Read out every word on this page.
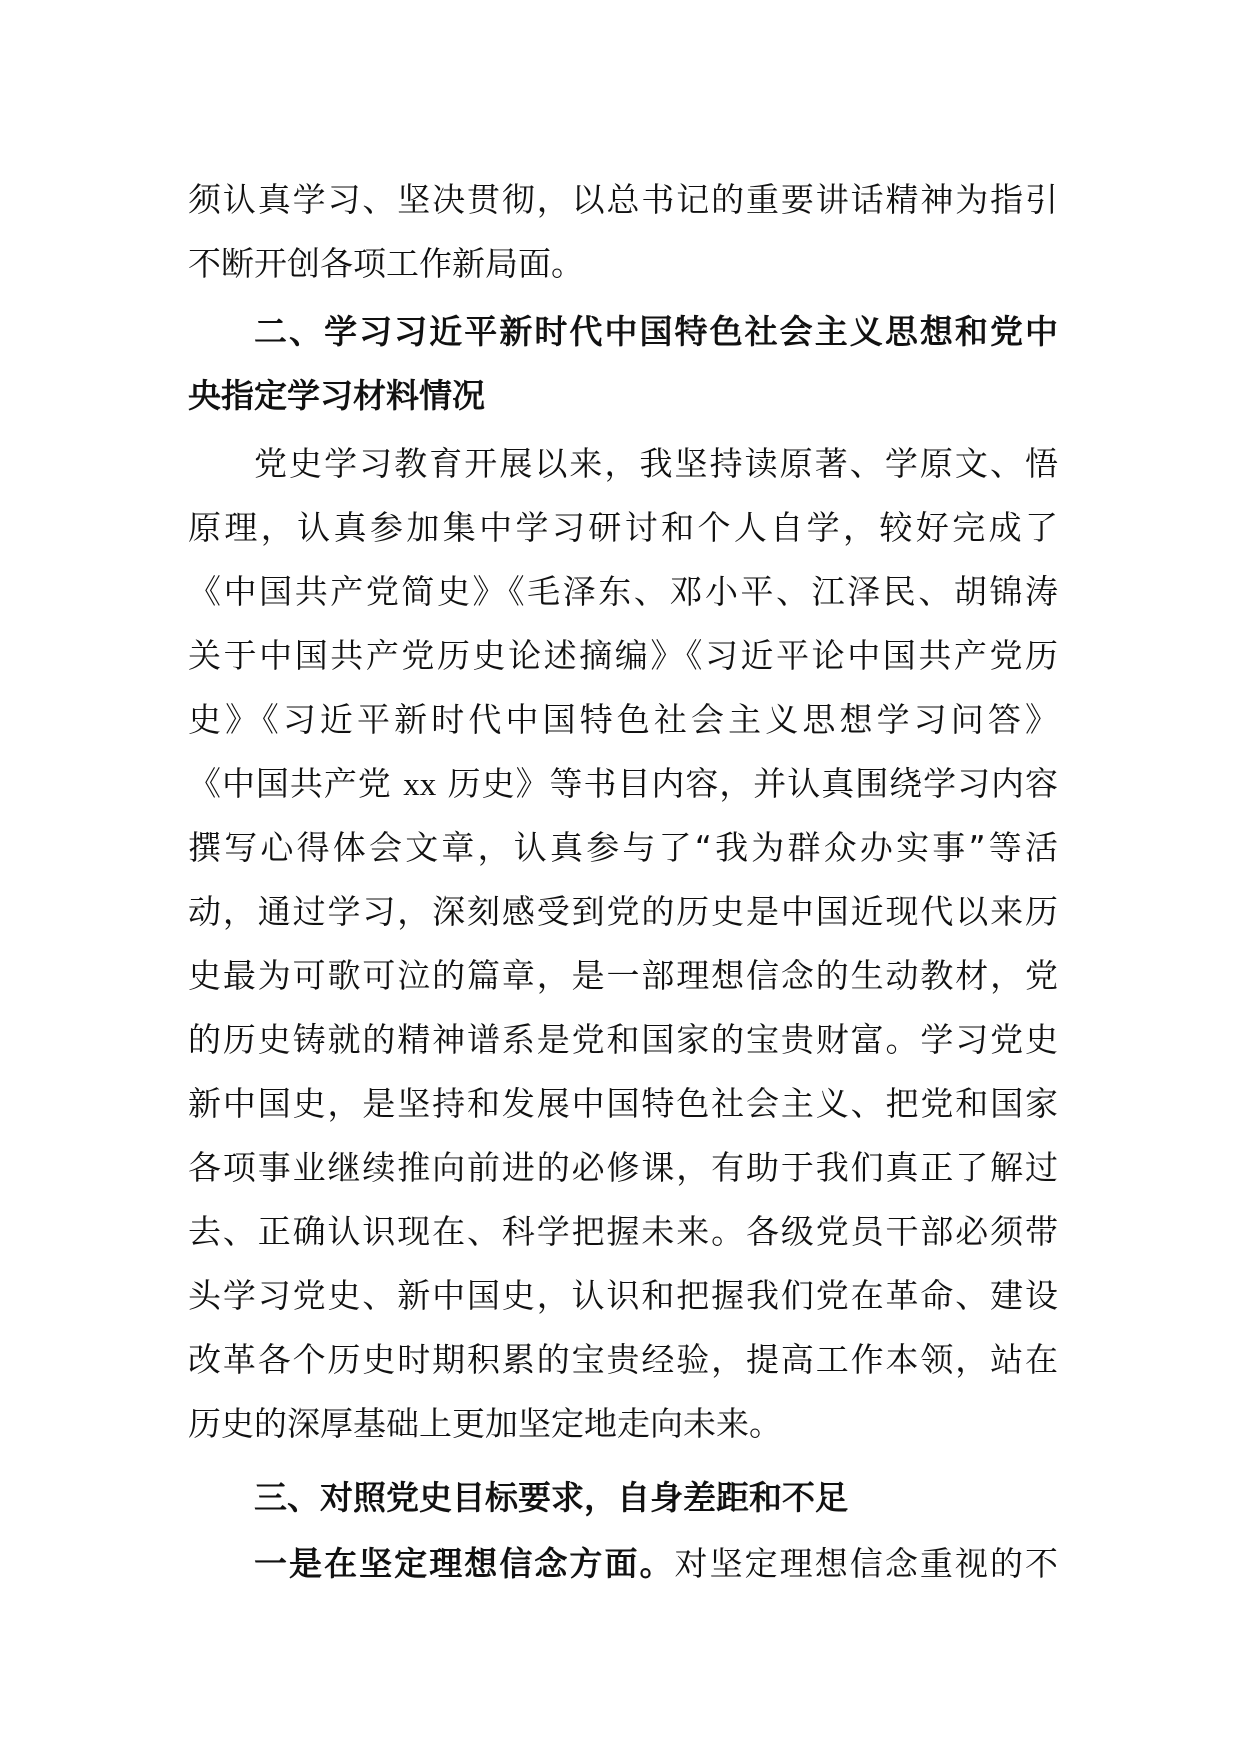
须认真学习、坚决贯彻，以总书记的重要讲话精神为指引
不断开创各项工作新局面。
二、学习习近平新时代中国特色社会主义思想和党中
央指定学习材料情况
党史学习教育开展以来，我坚持读原著、学原文、悟
原理，认真参加集中学习研讨和个人自学，较好完成了
《中国共产党简史》《毛泽东、邓小平、江泽民、胡锦涛
关于中国共产党历史论述摘编》《习近平论中国共产党历
史》《习近平新时代中国特色社会主义思想学习问答》
《中国共产党 xx 历史》等书目内容，并认真围绕学习内容
撰写心得体会文章，认真参与了“我为群众办实事”等活
动，通过学习，深刻感受到党的历史是中国近现代以来历
史最为可歌可泣的篇章，是一部理想信念的生动教材，党
的历史铸就的精神谱系是党和国家的宝贵财富。学习党史
新中国史，是坚持和发展中国特色社会主义、把党和国家
各项事业继续推向前进的必修课，有助于我们真正了解过
去、正确认识现在、科学把握未来。各级党员干部必须带
头学习党史、新中国史，认识和把握我们党在革命、建设
改革各个历史时期积累的宝贵经验，提高工作本领，站在
历史的深厚基础上更加坚定地走向未来。
三、对照党史目标要求，自身差距和不足
一是在坚定理想信念方面。对坚定理想信念重视的不
